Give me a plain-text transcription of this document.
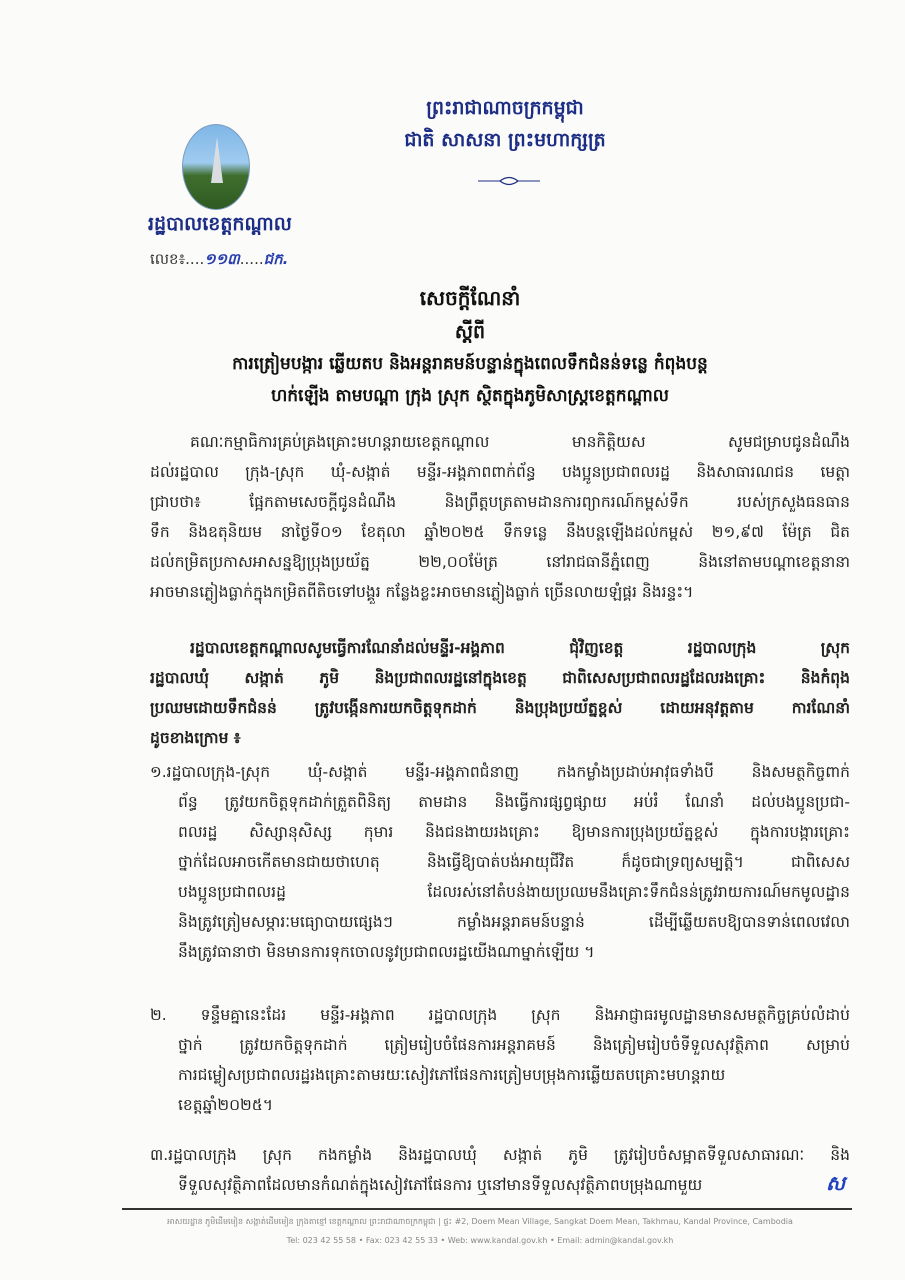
ព្រះរាជាណាចក្រកម្ពុជា
ជាតិ សាសនា ព្រះមហាក្សត្រ
រដ្ឋបាលខេត្តកណ្ដាល
លេខ៖....១១៣.....ជក.
សេចក្ដីណែនាំ
ស្ដីពី
ការត្រៀមបង្ការ ឆ្លើយតប និងអន្តរាគមន៍បន្ទាន់ក្នុងពេលទឹកជំនន់ទន្លេ កំពុងបន្ត
ហក់ឡើង តាមបណ្ដា ក្រុង ស្រុក ស្ថិតក្នុងភូមិសាស្ត្រខេត្តកណ្ដាល
គណៈកម្មាធិការគ្រប់គ្រងគ្រោះមហន្តរាយខេត្តកណ្ដាល មានកិត្តិយស សូមជម្រាបជូនដំណឹង
ដល់រដ្ឋបាល ក្រុង-ស្រុក ឃុំ-សង្កាត់ មន្ទីរ-អង្គភាពពាក់ព័ន្ធ បងប្អូនប្រជាពលរដ្ឋ និងសាធារណជន មេត្តា
ជ្រាបថា៖ ផ្អែកតាមសេចក្ដីជូនដំណឹង និងព្រឹត្តបត្រតាមដានការព្យាករណ៍កម្ពស់ទឹក របស់ក្រសួងធនធាន
ទឹក និងឧតុនិយម នាថ្ងៃទី០១ ខែតុលា ឆ្នាំ២០២៥ ទឹកទន្លេ នឹងបន្តឡើងដល់កម្ពស់ ២១,៩៧ ម៉ែត្រ ជិត
ដល់កម្រិតប្រកាសអាសន្នឱ្យប្រុងប្រយ័ត្ន ២២,០០ម៉ែត្រ នៅរាជធានីភ្នំពេញ និងនៅតាមបណ្ដាខេត្តនានា
អាចមានភ្លៀងធ្លាក់ក្នុងកម្រិតពីតិចទៅបង្គួរ កន្លែងខ្លះអាចមានភ្លៀងធ្លាក់ ច្រើនលាយឡំផ្គរ និងរន្ទះ។
រដ្ឋបាលខេត្តកណ្ដាលសូមធ្វើការណែនាំដល់មន្ទីរ-អង្គភាព ជុំវិញខេត្ត រដ្ឋបាលក្រុង ស្រុក
រដ្ឋបាលឃុំ សង្កាត់ ភូមិ និងប្រជាពលរដ្ឋនៅក្នុងខេត្ត ជាពិសេសប្រជាពលរដ្ឋដែលរងគ្រោះ និងកំពុង
ប្រឈមដោយទឹកជំនន់ ត្រូវបង្កើនការយកចិត្តទុកដាក់ និងប្រុងប្រយ័ត្នខ្ពស់ ដោយអនុវត្តតាម ការណែនាំ
ដូចខាងក្រោម ៖
១.រដ្ឋបាលក្រុង-ស្រុក ឃុំ-សង្កាត់ មន្ទីរ-អង្គភាពជំនាញ កងកម្លាំងប្រដាប់អាវុធទាំងបី និងសមត្ថកិច្ចពាក់
ព័ន្ធ ត្រូវយកចិត្តទុកដាក់ត្រួតពិនិត្យ តាមដាន និងធ្វើការផ្សព្វផ្សាយ អប់រំ ណែនាំ ដល់បងប្អូនប្រជា-
ពលរដ្ឋ សិស្សានុសិស្ស កុមារ និងជនងាយរងគ្រោះ ឱ្យមានការប្រុងប្រយ័ត្នខ្ពស់ ក្នុងការបង្ការគ្រោះ
ថ្នាក់ដែលអាចកើតមានជាយថាហេតុ និងធ្វើឱ្យបាត់បង់អាយុជីវិត ក៏ដូចជាទ្រព្យសម្បត្តិ។ ជាពិសេស
បងប្អូនប្រជាពលរដ្ឋ ដែលរស់នៅតំបន់ងាយប្រឈមនឹងគ្រោះទឹកជំនន់ត្រូវរាយការណ៍មកមូលដ្ឋាន
និងត្រូវត្រៀមសម្ភារៈមធ្យោបាយផ្សេងៗ កម្លាំងអន្តរាគមន៍បន្ទាន់ ដើម្បីឆ្លើយតបឱ្យបានទាន់ពេលវេលា
នឹងត្រូវធានាថា មិនមានការទុកចោលនូវប្រជាពលរដ្ឋយើងណាម្នាក់ឡើយ ។
២. ទន្ទឹមគ្នានេះដែរ មន្ទីរ-អង្គភាព រដ្ឋបាលក្រុង ស្រុក និងអាជ្ញាធរមូលដ្ឋានមានសមត្ថកិច្ចគ្រប់លំដាប់
ថ្នាក់ ត្រូវយកចិត្តទុកដាក់ ត្រៀមរៀបចំផែនការអន្តរាគមន៍ និងត្រៀមរៀបចំទីទួលសុវត្ថិភាព សម្រាប់
ការជម្លៀសប្រជាពលរដ្ឋរងគ្រោះតាមរយៈសៀវភៅផែនការត្រៀមបម្រុងការឆ្លើយតបគ្រោះមហន្តរាយ
ខេត្តឆ្នាំ២០២៥។
៣.រដ្ឋបាលក្រុង ស្រុក កងកម្លាំង និងរដ្ឋបាលឃុំ សង្កាត់ ភូមិ ត្រូវរៀបចំសម្អាតទីទួលសាធារណៈ និង
ទីទួលសុវត្ថិភាពដែលមានកំណត់ក្នុងសៀវភៅផែនការ ឬនៅមានទីទួលសុវត្ថិភាពបម្រុងណាមួយ	ស
អាសយដ្ឋាន ភូមិដើមមៀន សង្កាត់ដើមមៀន ក្រុងតាខ្មៅ ខេត្តកណ្ដាល ព្រះរាជាណាចក្រកម្ពុជា | ផ្ទះ #2, Doem Mean Village, Sangkat Doem Mean, Takhmau, Kandal Province, Cambodia
Tel: 023 42 55 58 • Fax: 023 42 55 33 • Web: www.kandal.gov.kh • Email: admin@kandal.gov.kh
